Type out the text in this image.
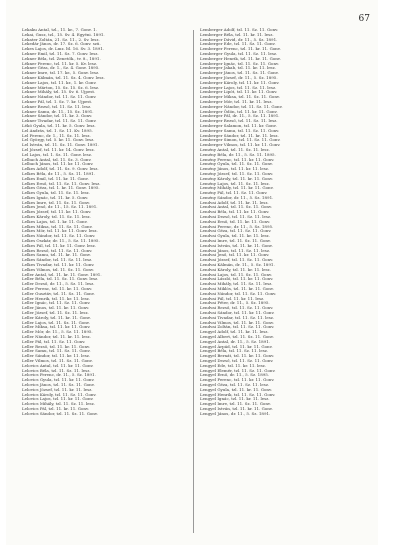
67

Lekaku Antal, tzl., 11. kr., 7. Gonv. 1.

Lekai, Gusz, tzl., 15. Sv. 4. Egyéni. 1891.

Lekater Zoltán, 21. Sz. 11., 2. Sv. lesz.

Lekedár János, dr. 17. Sz. 6. Gonv. szü.

Lekes Lajos, dr. Lmz. ltl. 16. Sv. 3. 1891.

Lekner Emil, tzl. 11. Sz. 7. Gonv. lesz.

Lekner Béla, tzl. Zenetők., tv. 8., 1891.

Lékner Ferenc, tzl. 11. kr. 5. Kv. lesz.

Lekner Géza, dr. 1., Sz. 4. Gonv. 1895.

Lekner Imre, tzl. 17. kr., 5. Gonv. lesz.

Lekner Kálmán, tzl. 11. Sz. 4. Gonv. lesz.

Lekner Lajos, tzl. 11. kr., 1. kr. Gonv.

Lekner Márton, 15. Sz. 15. Sz. 6. lesz.

Lekner Mihály, tzl. 15. Sv. 6. Ujpest.

Lekner Nándor, tzl. 11. Sz. 11. Gonv.

Lekner Pál, tzl. 1. Sz. 7. kr. Ujpest.

Lekner Rezső, tzl. 11. Sz. 11. lesz.

Lekner Samu, dr. 11., 15. Sz. 1891.

Lekner Sándor, tzl. 11. kr. 3. Gonv.

Lekner Tivadar, tzl. 11. Sz. 11. Gonv.

Lékó Gyula, tzl. 11. kr. 5. Gonv. lesz.

Lel András, tzl. 1. Sz. 11. Kv. 1895.

Lel Ferenc, dr. 1., 11. Sz. 11. lesz.

Lel György, tzl. 5. kr. 11. Gonv. lesz.

Lel István, tzl. 11. Sz. 11. Gonv. 1891.

Lel József, tzl. 11. kr. 14. Gonv. lesz.

Lel Lajos, tzl. 1. Sz. 11. Gonv. lesz.

Lelbach Antal, tzl. 11. Sz. 3. Gonv.

Lelbach János, tzl. 11. kr. 11. Gonv.

Lelkes Adolf, tzl. 11. Sz. 9. Gonv. lesz.

Lelkes Béla, dr. 11., 5. Sz. 11. 1891.

Lelkes Emil, tzl. 11. kr. 11. Gonv.

Lelkes Ernő, tzl. 11. Sz. 11. Gonv. lesz.

Lelkes Géza, tzl. 1. kr. 11. Gonv. 1895.

Lelkes Gyula, tzl. 11. Sz. 11. lesz.

Lelkes Ignác, tzl. 11. kr. 5. Gonv.

Lelkes Imre, tzl. 11. Sz. 11. Gonv.

Lelkes Jenő, dr. 11., 15. Sz. 11. 1891.

Lelkes József, tzl. 11. kr. 11. Gonv.

Lelkes Károly, tzl. 11. Sz. 11. lesz.

Lelkes Lajos, tzl. 1. kr. 11. Gonv.

Lelkes Miksa, tzl. 11. Sz. 11. Gonv.

Lelkes Mór, tzl. 11. kr. 11. Gonv. lesz.

Lelkes Nándor, tzl. 11. Sz. 11. Gonv.

Lelkes Oszkár, dr. 11., 5. Sz. 11. 1895.

Lelkes Pál, tzl. 11. kr. 11. Gonv. lesz.

Lelkes Rezső, tzl. 11. Sz. 11. Gonv.

Lelkes Samu, tzl. 11. kr. 11. Gonv.

Lelkes Sándor, tzl. 11. Sz. 11. lesz.

Lelkes Tivadar, tzl. 11. kr. 11. Gonv.

Lelkes Vilmos, tzl. 11. Sz. 11. Gonv.

Leller Antal, tzl. 11. kr. 11. Gonv. 1891.

Leller Béla, tzl. 11. Sz. 11. Gonv. lesz.

Leller Dezső, dr. 11., 5. Sz. 11. lesz.

Leller Ferenc, tzl. 11. kr. 11. Gonv.

Leller Gusztáv, tzl. 11. Sz. 11. Gonv.

Leller Henrik, tzl. 11. kr. 11. lesz.

Leller Ignác, tzl. 11. Sz. 11. Gonv.

Leller János, tzl. 11. kr. 11. Gonv.

Leller József, tzl. 11. Sz. 11. lesz.

Leller Károly, tzl. 11. kr. 11. Gonv.

Leller Lajos, tzl. 11. Sz. 11. Gonv.

Leller Miksa, tzl. 11. kr. 11. Gonv.

Leller Mór, dr. 11., 5. Sz. 11. 1895.

Leller Nándor, tzl. 11. kr. 11. lesz.

Leller Pál, tzl. 11. Sz. 11. Gonv.

Leller Rezső, tzl. 11. kr. 11. Gonv.

Leller Samu, tzl. 11. Sz. 11. Gonv.

Leller Sándor, tzl. 11. kr. 11. lesz.

Leller Vilmos, tzl. 11. Sz. 11. Gonv.

Lelovics Antal, tzl. 11. kr. 11. Gonv.

Lelovics Béla, tzl. 11. Sz. 11. lesz.

Lelovics Ferenc, dr. 11., 5. Sz. 1891.

Lelovics Gyula, tzl. 11. kr. 11. Gonv.

Lelovics János, tzl. 11. Sz. 11. Gonv.

Lelovics József, tzl. 11. kr. 11. lesz.

Lelovics Károly, tzl. 11. Sz. 11. Gonv.

Lelovics Lajos, tzl. 11. kr. 11. Gonv.

Lelovics Mihály, tzl. 11. Sz. 11. lesz.

Lelovics Pál, tzl. 11. kr. 11. Gonv.

Lelovics Sándor, tzl. 11. Sz. 11. Gonv.

Lemberger Adolf, tzl. 11. Sz. 11. Gonv.

Lemberger Béla, tzl. 11. kr. 11. lesz.

Lemberger Dávid, dr. 11., 5. Sz. 1891.

Lemberger Ede, tzl. 11. Sz. 11. Gonv.

Lemberger Ferenc, tzl. 11. kr. 11. Gonv.

Lemberger Gyula, tzl. 11. Sz. 11. lesz.

Lemberger Henrik, tzl. 11. kr. 11. Gonv.

Lemberger Ignác, tzl. 11. Sz. 11. Gonv.

Lemberger Jakab, tzl. 11. kr. 11. lesz.

Lemberger János, tzl. 11. Sz. 11. Gonv.

Lemberger József, dr. 11., 5. Sz. 1895.

Lemberger Károly, tzl. 11. kr. 11. Gonv.

Lemberger Lajos, tzl. 11. Sz. 11. lesz.

Lemberger Lipót, tzl. 11. kr. 11. Gonv.

Lemberger Miksa, tzl. 11. Sz. 11. Gonv.

Lemberger Mór, tzl. 11. kr. 11. lesz.

Lemberger Nándor, tzl. 11. Sz. 11. Gonv.

Lemberger Ödön, tzl. 11. kr. 11. Gonv.

Lemberger Pál, dr. 11., 5. Sz. 11. 1891.

Lemberger Rezső, tzl. 11. Sz. 11. lesz.

Lemberger Salamon, tzl. 11. kr. Gonv.

Lemberger Samu, tzl. 11. Sz. 11. Gonv.

Lemberger Sándor, tzl. 11. kr. 11. lesz.

Lemberger Simon, tzl. 11. Sz. 11. Gonv.

Lemberger Vilmos, tzl. 11. kr. 11. Gonv.

Lemény Antal, tzl. 11. Sz. 11. lesz.

Lemény Béla, dr. 11., 5. Sz. 11. 1895.

Lemény Ferenc, tzl. 11. kr. 11. Gonv.

Lemény Gyula, tzl. 11. Sz. 11. Gonv.

Lemény János, tzl. 11. kr. 11. lesz.

Lemény József, tzl. 11. Sz. 11. Gonv.

Lemény Károly, tzl. 11. kr. 11. Gonv.

Lemény Lajos, tzl. 11. Sz. 11. lesz.

Lemény Mihály, tzl. 11. kr. 11. Gonv.

Lemény Pál, tzl. 11. Sz. 11. Gonv.

Lemény Sándor, dr. 11., 5. Sz. 1891.

Lendvai Adolf, tzl. 11. kr. 11. lesz.

Lendvai Antal, tzl. 11. Sz. 11. Gonv.

Lendvai Béla, tzl. 11. kr. 11. Gonv.

Lendvai Dezső, tzl. 11. Sz. 11. lesz.

Lendvai Ernő, tzl. 11. kr. 11. Gonv.

Lendvai Ferenc, dr. 11., 5. Sz. 1895.

Lendvai Géza, tzl. 11. Sz. 11. Gonv.

Lendvai Gyula, tzl. 11. kr. 11. lesz.

Lendvai Imre, tzl. 11. Sz. 11. Gonv.

Lendvai István, tzl. 11. kr. 11. Gonv.

Lendvai János, tzl. 11. Sz. 11. lesz.

Lendvai Jenő, tzl. 11. kr. 11. Gonv.

Lendvai József, tzl. 11. Sz. 11. Gonv.

Lendvai Kálmán, dr. 11., 5. Sz. 1891.

Lendvai Károly, tzl. 11. kr. 11. lesz.

Lendvai Lajos, tzl. 11. Sz. 11. Gonv.

Lendvai László, tzl. 11. kr. 11. Gonv.

Lendvai Mihály, tzl. 11. Sz. 11. lesz.

Lendvai Miklós, tzl. 11. kr. 11. Gonv.

Lendvai Nándor, tzl. 11. Sz. 11. Gonv.

Lendvai Pál, tzl. 11. kr. 11. lesz.

Lendvai Péter, dr. 11., 5. Sz. 1895.

Lendvai Rezső, tzl. 11. Sz. 11. Gonv.

Lendvai Sándor, tzl. 11. kr. 11. Gonv.

Lendvai Tivadar, tzl. 11. Sz. 11. lesz.

Lendvai Vilmos, tzl. 11. kr. 11. Gonv.

Lendvai Zoltán, tzl. 11. Sz. 11. Gonv.

Lengyel Adolf, tzl. 11. kr. 11. lesz.

Lengyel Albert, tzl. 11. Sz. 11. Gonv.

Lengyel Antal, dr. 11., 5. Sz. 1891.

Lengyel Árpád, tzl. 11. kr. 11. Gonv.

Lengyel Béla, tzl. 11. Sz. 11. lesz.

Lengyel Bernát, tzl. 11. kr. 11. Gonv.

Lengyel Dezső, tzl. 11. Sz. 11. Gonv.

Lengyel Ede, tzl. 11. kr. 11. lesz.

Lengyel Elemér, tzl. 11. Sz. 11. Gonv.

Lengyel Ernő, dr. 11., 5. Sz. 1895.

Lengyel Ferenc, tzl. 11. kr. 11. Gonv.

Lengyel Géza, tzl. 11. Sz. 11. lesz.

Lengyel Gyula, tzl. 11. kr. 11. Gonv.

Lengyel Henrik, tzl. 11. Sz. 11. Gonv.

Lengyel Ignác, tzl. 11. kr. 11. lesz.

Lengyel Imre, tzl. 11. Sz. 11. Gonv.

Lengyel István, tzl. 11. kr. 11. Gonv.

Lengyel János, dr. 11., 5. Sz. 1891.
